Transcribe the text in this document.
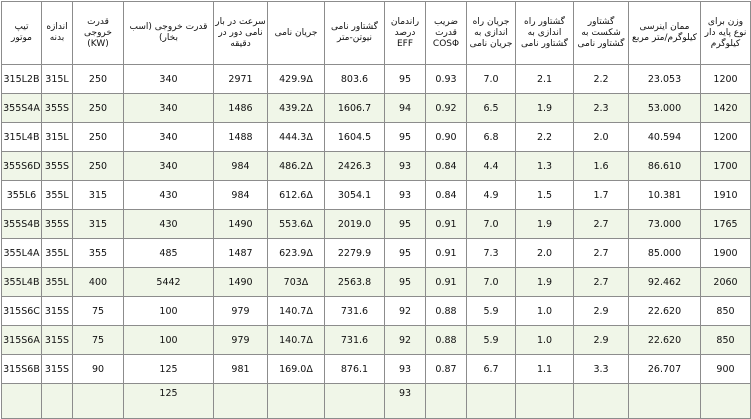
تیپ موتور	اندازه بدنه	قدرت خروجی (KW)	قدرت خروجی (اسب بخار)	سرعت در بار نامی دور در دقیقه	جریان نامی	گشتاور نامی نیوتن-متر	راندمان درصد EFF	ضریب قدرت COSΦ	جریان راه اندازی به جریان نامی	گشتاور راه اندازی به گشتاور نامی	گشتاور شکست به گشتاور نامی	ممان اینرسی کیلوگرم/متر مربع	وزن برای نوع پایه دار کیلوگرم
315L2B	315L	250	340	2971	429.9Δ	803.6	95	0.93	7.0	2.1	2.2	23.053	1200
355S4A	355S	250	340	1486	439.2Δ	1606.7	94	0.92	6.5	1.9	2.3	53.000	1420
315L4B	315L	250	340	1488	444.3Δ	1604.5	95	0.90	6.8	2.2	2.0	40.594	1200
355S6D	355S	250	340	984	486.2Δ	2426.3	93	0.84	4.4	1.3	1.6	86.610	1700
355L6	355L	315	430	984	612.6Δ	3054.1	93	0.84	4.9	1.5	1.7	10.381	1910
355S4B	355S	315	430	1490	553.6Δ	2019.0	95	0.91	7.0	1.9	2.7	73.000	1765
355L4A	355L	355	485	1487	623.9Δ	2279.9	95	0.91	7.3	2.0	2.7	85.000	1900
355L4B	355L	400	5442	1490	703Δ	2563.8	95	0.91	7.0	1.9	2.7	92.462	2060
315S6C	315S	75	100	979	140.7Δ	731.6	92	0.88	5.9	1.0	2.9	22.620	850
315S6A	315S	75	100	979	140.7Δ	731.6	92	0.88	5.9	1.0	2.9	22.620	850
315S6B	315S	90	125	981	169.0Δ	876.1	93	0.87	6.7	1.1	3.3	26.707	900
			125				93						
